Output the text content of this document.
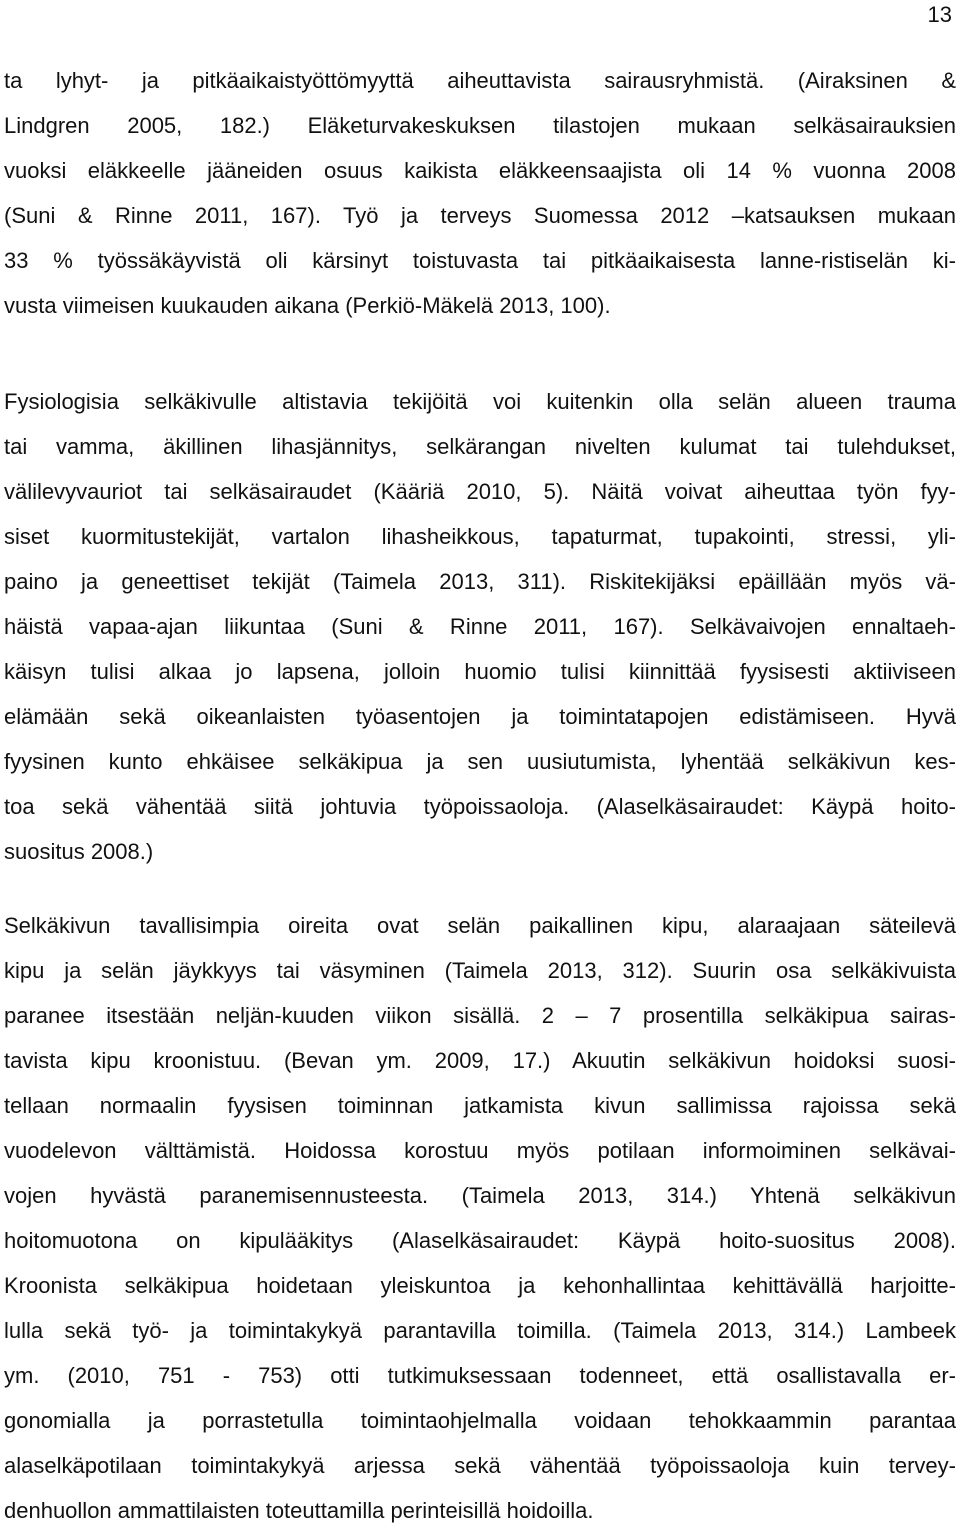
13
ta lyhyt- ja pitkäaikaistyöttömyyttä aiheuttavista sairausryhmistä. (Airaksinen &
Lindgren 2005, 182.) Eläketurvakeskuksen tilastojen mukaan selkäsairauksien
vuoksi eläkkeelle jääneiden osuus kaikista eläkkeensaajista oli 14 % vuonna 2008
(Suni & Rinne 2011, 167). Työ ja terveys Suomessa 2012 –katsauksen mukaan
33 % työssäkäyvistä oli kärsinyt toistuvasta tai pitkäaikaisesta lanne-ristiselän ki-
vusta viimeisen kuukauden aikana (Perkiö-Mäkelä 2013, 100).
Fysiologisia selkäkivulle altistavia tekijöitä voi kuitenkin olla selän alueen trauma
tai vamma, äkillinen lihasjännitys, selkärangan nivelten kulumat tai tulehdukset,
välilevyvauriot tai selkäsairaudet (Kääriä 2010, 5). Näitä voivat aiheuttaa työn fyy-
siset kuormitustekijät, vartalon lihasheikkous, tapaturmat, tupakointi, stressi, yli-
paino ja geneettiset tekijät (Taimela 2013, 311). Riskitekijäksi epäillään myös vä-
häistä vapaa-ajan liikuntaa (Suni & Rinne 2011, 167). Selkävaivojen ennaltaeh-
käisyn tulisi alkaa jo lapsena, jolloin huomio tulisi kiinnittää fyysisesti aktiiviseen
elämään sekä oikeanlaisten työasentojen ja toimintatapojen edistämiseen. Hyvä
fyysinen kunto ehkäisee selkäkipua ja sen uusiutumista, lyhentää selkäkivun kes-
toa sekä vähentää siitä johtuvia työpoissaoloja. (Alaselkäsairaudet: Käypä hoito-
suositus 2008.)
Selkäkivun tavallisimpia oireita ovat selän paikallinen kipu, alaraajaan säteilevä
kipu ja selän jäykkyys tai väsyminen (Taimela 2013, 312). Suurin osa selkäkivuista
paranee itsestään neljän-kuuden viikon sisällä. 2 – 7 prosentilla selkäkipua sairas-
tavista kipu kroonistuu. (Bevan ym. 2009, 17.) Akuutin selkäkivun hoidoksi suosi-
tellaan normaalin fyysisen toiminnan jatkamista kivun sallimissa rajoissa sekä
vuodelevon välttämistä. Hoidossa korostuu myös potilaan informoiminen selkävai-
vojen hyvästä paranemisennusteesta. (Taimela 2013, 314.) Yhtenä selkäkivun
hoitomuotona on kipulääkitys (Alaselkäsairaudet: Käypä hoito-suositus 2008).
Kroonista selkäkipua hoidetaan yleiskuntoa ja kehonhallintaa kehittävällä harjoitte-
lulla sekä työ- ja toimintakykyä parantavilla toimilla. (Taimela 2013, 314.) Lambeek
ym. (2010, 751 - 753) otti tutkimuksessaan todenneet, että osallistavalla er-
gonomialla ja porrastetulla toimintaohjelmalla voidaan tehokkaammin parantaa
alaselkäpotilaan toimintakykyä arjessa sekä vähentää työpoissaoloja kuin tervey-
denhuollon ammattilaisten toteuttamilla perinteisillä hoidoilla.
